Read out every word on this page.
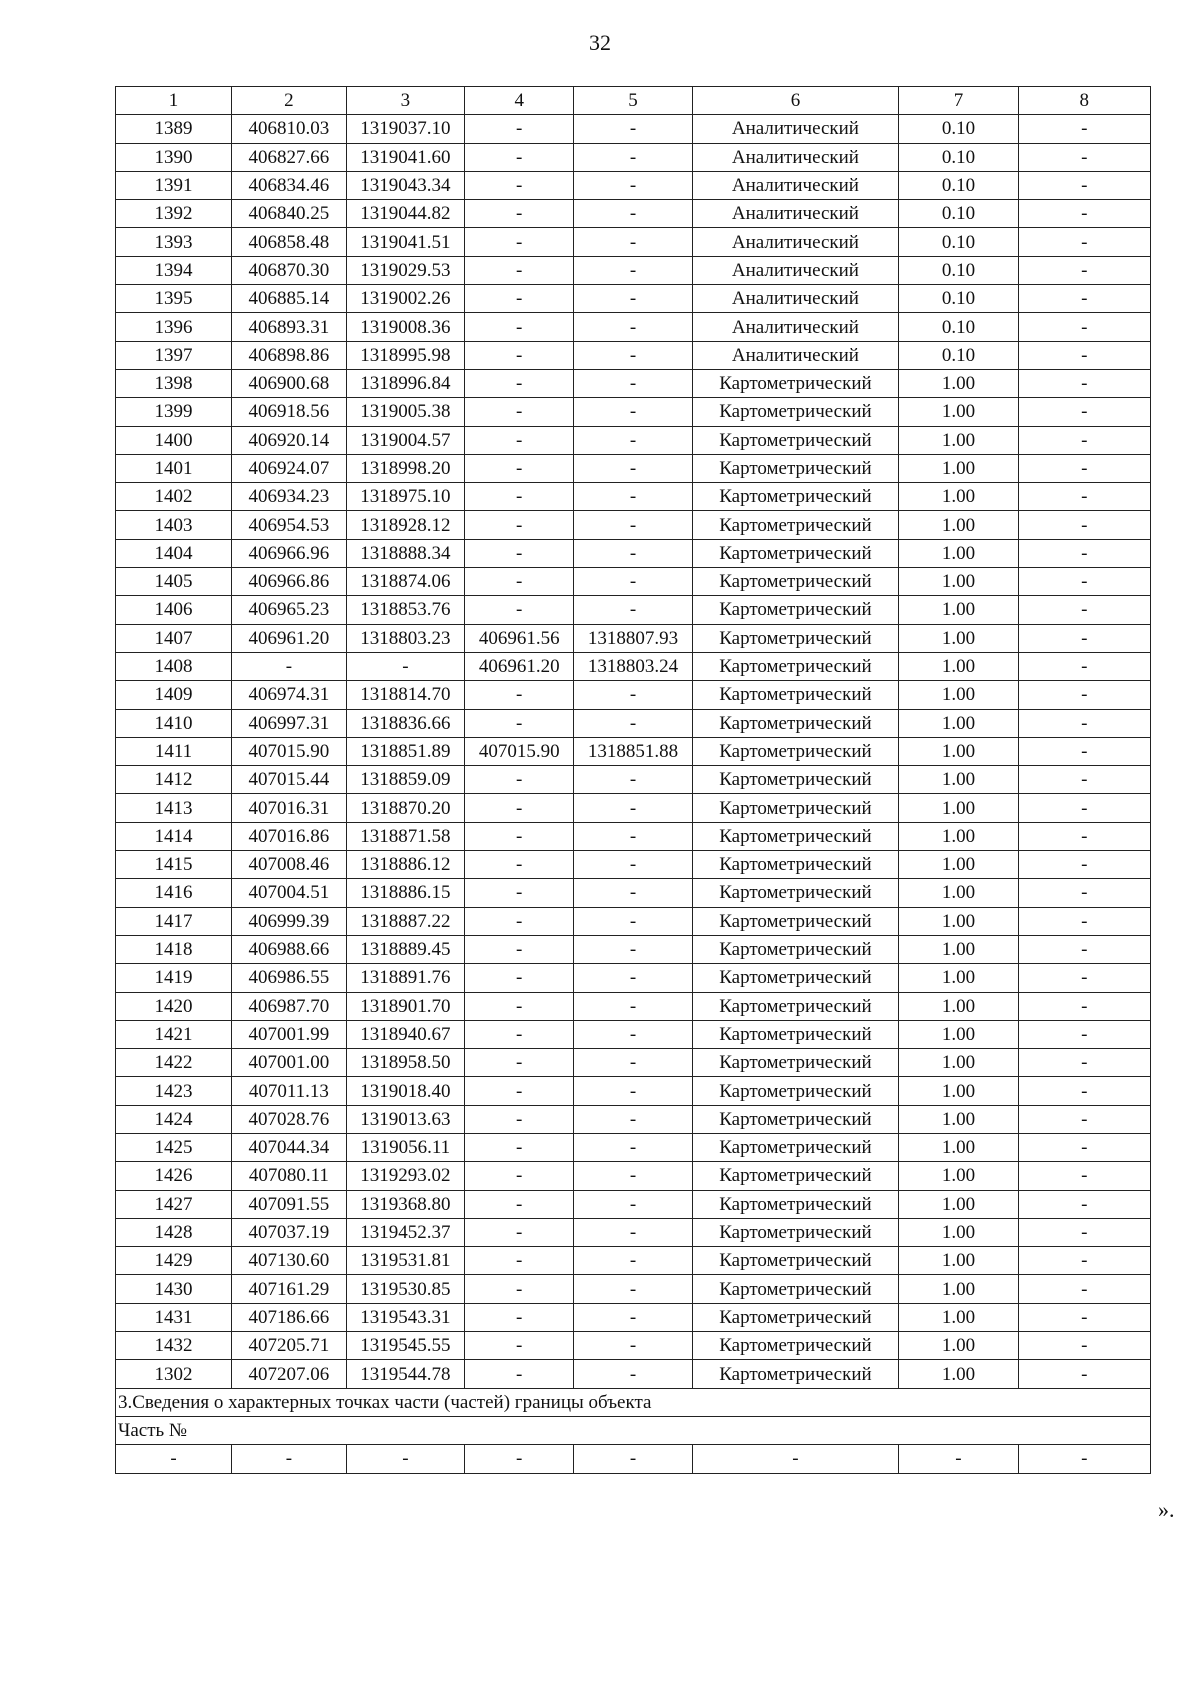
32
1	2	3	4	5	6	7	8
1389	406810.03	1319037.10	-	-	Аналитический	0.10	-
1390	406827.66	1319041.60	-	-	Аналитический	0.10	-
1391	406834.46	1319043.34	-	-	Аналитический	0.10	-
1392	406840.25	1319044.82	-	-	Аналитический	0.10	-
1393	406858.48	1319041.51	-	-	Аналитический	0.10	-
1394	406870.30	1319029.53	-	-	Аналитический	0.10	-
1395	406885.14	1319002.26	-	-	Аналитический	0.10	-
1396	406893.31	1319008.36	-	-	Аналитический	0.10	-
1397	406898.86	1318995.98	-	-	Аналитический	0.10	-
1398	406900.68	1318996.84	-	-	Картометрический	1.00	-
1399	406918.56	1319005.38	-	-	Картометрический	1.00	-
1400	406920.14	1319004.57	-	-	Картометрический	1.00	-
1401	406924.07	1318998.20	-	-	Картометрический	1.00	-
1402	406934.23	1318975.10	-	-	Картометрический	1.00	-
1403	406954.53	1318928.12	-	-	Картометрический	1.00	-
1404	406966.96	1318888.34	-	-	Картометрический	1.00	-
1405	406966.86	1318874.06	-	-	Картометрический	1.00	-
1406	406965.23	1318853.76	-	-	Картометрический	1.00	-
1407	406961.20	1318803.23	406961.56	1318807.93	Картометрический	1.00	-
1408	-	-	406961.20	1318803.24	Картометрический	1.00	-
1409	406974.31	1318814.70	-	-	Картометрический	1.00	-
1410	406997.31	1318836.66	-	-	Картометрический	1.00	-
1411	407015.90	1318851.89	407015.90	1318851.88	Картометрический	1.00	-
1412	407015.44	1318859.09	-	-	Картометрический	1.00	-
1413	407016.31	1318870.20	-	-	Картометрический	1.00	-
1414	407016.86	1318871.58	-	-	Картометрический	1.00	-
1415	407008.46	1318886.12	-	-	Картометрический	1.00	-
1416	407004.51	1318886.15	-	-	Картометрический	1.00	-
1417	406999.39	1318887.22	-	-	Картометрический	1.00	-
1418	406988.66	1318889.45	-	-	Картометрический	1.00	-
1419	406986.55	1318891.76	-	-	Картометрический	1.00	-
1420	406987.70	1318901.70	-	-	Картометрический	1.00	-
1421	407001.99	1318940.67	-	-	Картометрический	1.00	-
1422	407001.00	1318958.50	-	-	Картометрический	1.00	-
1423	407011.13	1319018.40	-	-	Картометрический	1.00	-
1424	407028.76	1319013.63	-	-	Картометрический	1.00	-
1425	407044.34	1319056.11	-	-	Картометрический	1.00	-
1426	407080.11	1319293.02	-	-	Картометрический	1.00	-
1427	407091.55	1319368.80	-	-	Картометрический	1.00	-
1428	407037.19	1319452.37	-	-	Картометрический	1.00	-
1429	407130.60	1319531.81	-	-	Картометрический	1.00	-
1430	407161.29	1319530.85	-	-	Картометрический	1.00	-
1431	407186.66	1319543.31	-	-	Картометрический	1.00	-
1432	407205.71	1319545.55	-	-	Картометрический	1.00	-
1302	407207.06	1319544.78	-	-	Картометрический	1.00	-
3.Сведения о характерных точках части (частей) границы объекта							
Часть №							
-	-	-	-	-	-	-	-
».
